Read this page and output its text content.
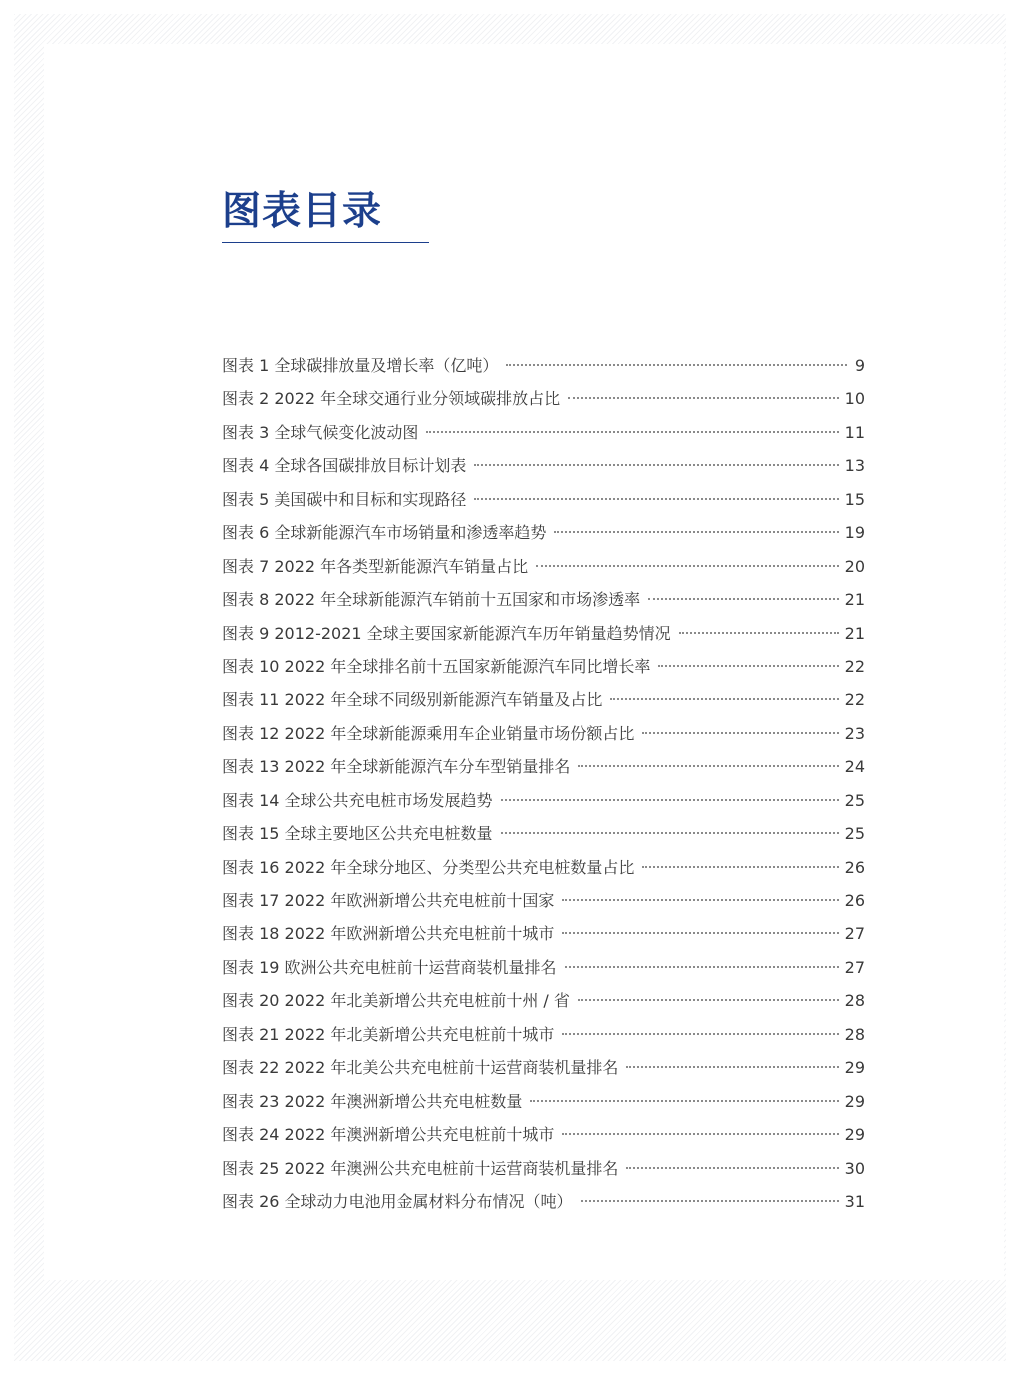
图表目录
图表 1 全球碳排放量及增长率（亿吨）	9
图表 2 2022 年全球交通行业分领域碳排放占比	10
图表 3 全球气候变化波动图	11
图表 4 全球各国碳排放目标计划表	13
图表 5 美国碳中和目标和实现路径	15
图表 6 全球新能源汽车市场销量和渗透率趋势	19
图表 7 2022 年各类型新能源汽车销量占比	20
图表 8 2022 年全球新能源汽车销前十五国家和市场渗透率	21
图表 9 2012-2021 全球主要国家新能源汽车历年销量趋势情况	21
图表 10 2022 年全球排名前十五国家新能源汽车同比增长率	22
图表 11 2022 年全球不同级别新能源汽车销量及占比	22
图表 12 2022 年全球新能源乘用车企业销量市场份额占比	23
图表 13 2022 年全球新能源汽车分车型销量排名	24
图表 14 全球公共充电桩市场发展趋势	25
图表 15 全球主要地区公共充电桩数量	25
图表 16 2022 年全球分地区、分类型公共充电桩数量占比	26
图表 17 2022 年欧洲新增公共充电桩前十国家	26
图表 18 2022 年欧洲新增公共充电桩前十城市	27
图表 19 欧洲公共充电桩前十运营商装机量排名	27
图表 20 2022 年北美新增公共充电桩前十州 / 省	28
图表 21 2022 年北美新增公共充电桩前十城市	28
图表 22 2022 年北美公共充电桩前十运营商装机量排名	29
图表 23 2022 年澳洲新增公共充电桩数量	29
图表 24 2022 年澳洲新增公共充电桩前十城市	29
图表 25 2022 年澳洲公共充电桩前十运营商装机量排名	30
图表 26 全球动力电池用金属材料分布情况（吨）	31
